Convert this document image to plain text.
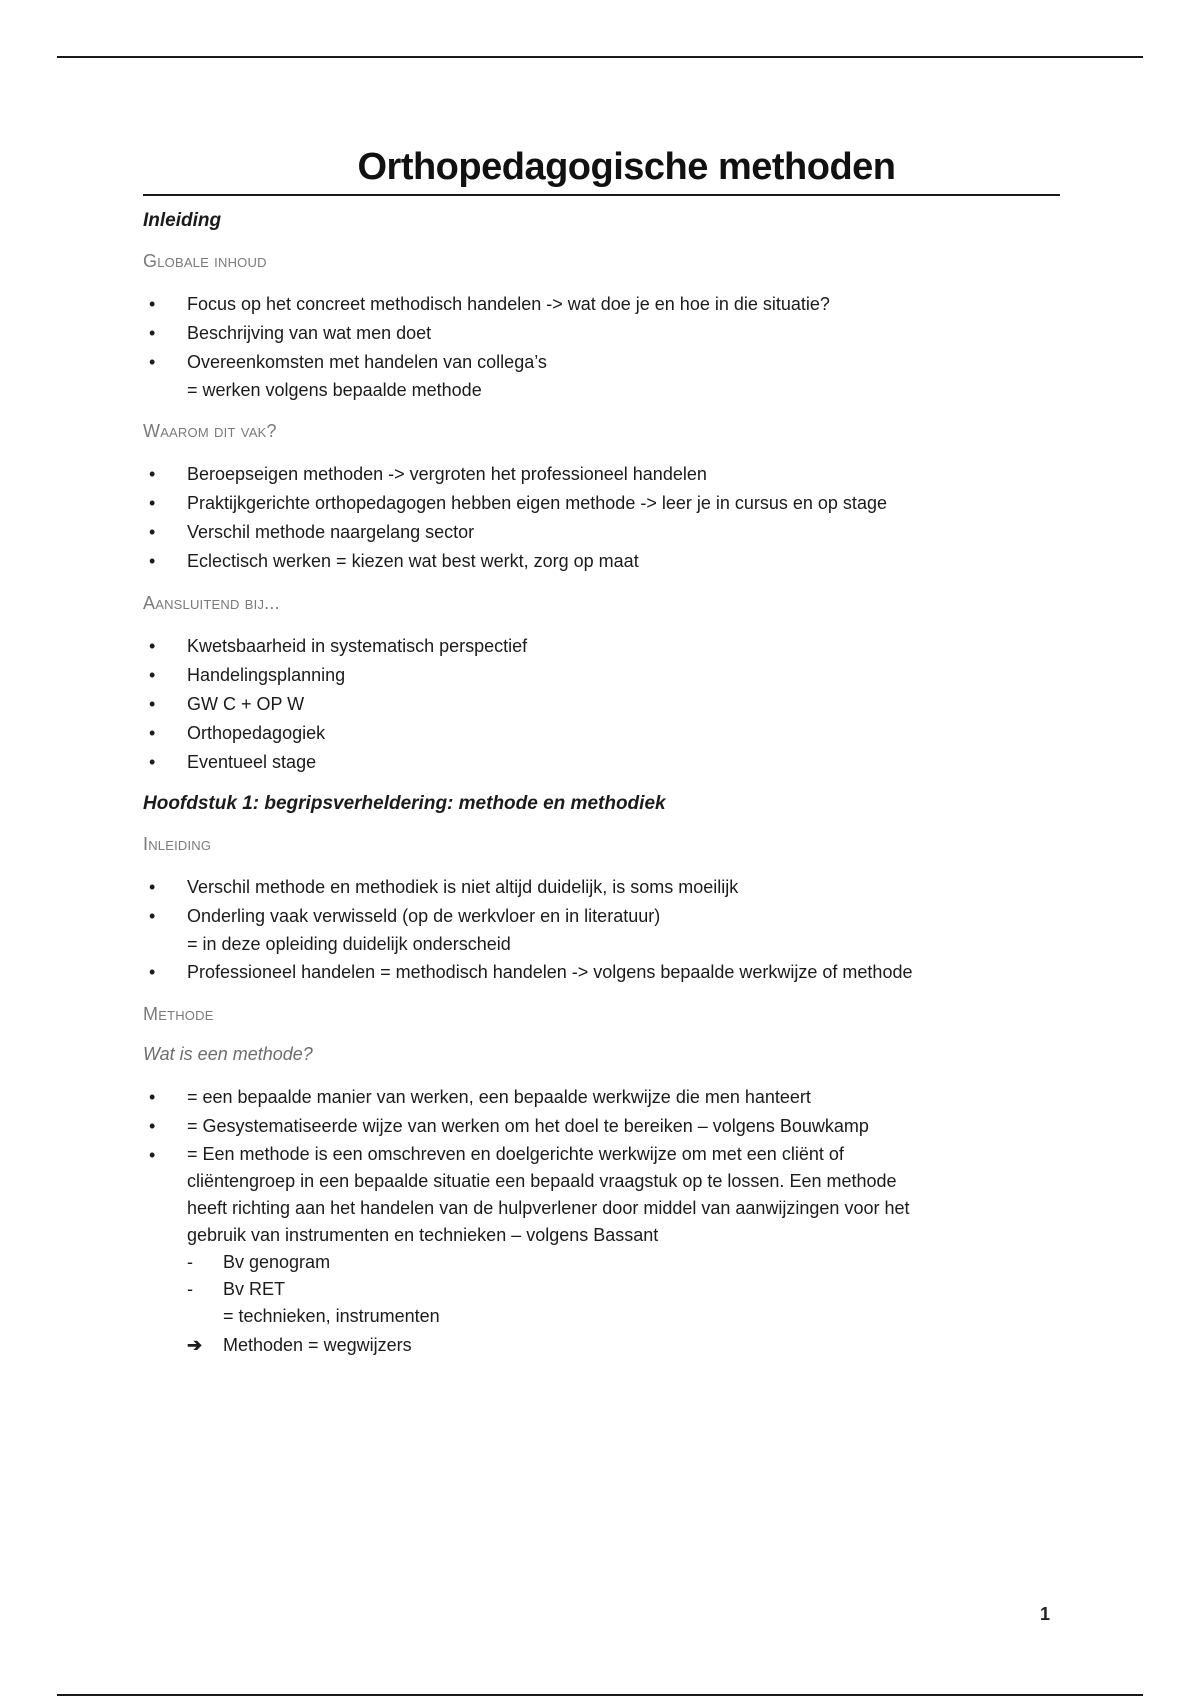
Orthopedagogische methoden
Inleiding
Globale inhoud
• Focus op het concreet methodisch handelen -> wat doe je en hoe in die situatie?
• Beschrijving van wat men doet
• Overeenkomsten met handelen van collega’s
= werken volgens bepaalde methode
Waarom dit vak?
• Beroepseigen methoden -> vergroten het professioneel handelen
• Praktijkgerichte orthopedagogen hebben eigen methode -> leer je in cursus en op stage
• Verschil methode naargelang sector
• Eclectisch werken = kiezen wat best werkt, zorg op maat
Aansluitend bij...
• Kwetsbaarheid in systematisch perspectief
• Handelingsplanning
• GW C + OP W
• Orthopedagogiek
• Eventueel stage
Hoofdstuk 1: begripsverheldering: methode en methodiek
Inleiding
• Verschil methode en methodiek is niet altijd duidelijk, is soms moeilijk
• Onderling vaak verwisseld (op de werkvloer en in literatuur)
= in deze opleiding duidelijk onderscheid
• Professioneel handelen = methodisch handelen -> volgens bepaalde werkwijze of methode
Methode
Wat is een methode?
• = een bepaalde manier van werken, een bepaalde werkwijze die men hanteert
• = Gesystematiseerde wijze van werken om het doel te bereiken – volgens Bouwkamp
• = Een methode is een omschreven en doelgerichte werkwijze om met een cliënt of
cliëntengroep in een bepaalde situatie een bepaald vraagstuk op te lossen. Een methode
heeft richting aan het handelen van de hulpverlener door middel van aanwijzingen voor het
gebruik van instrumenten en technieken – volgens Bassant
- Bv genogram
- Bv RET
= technieken, instrumenten
➔ Methoden = wegwijzers
1
